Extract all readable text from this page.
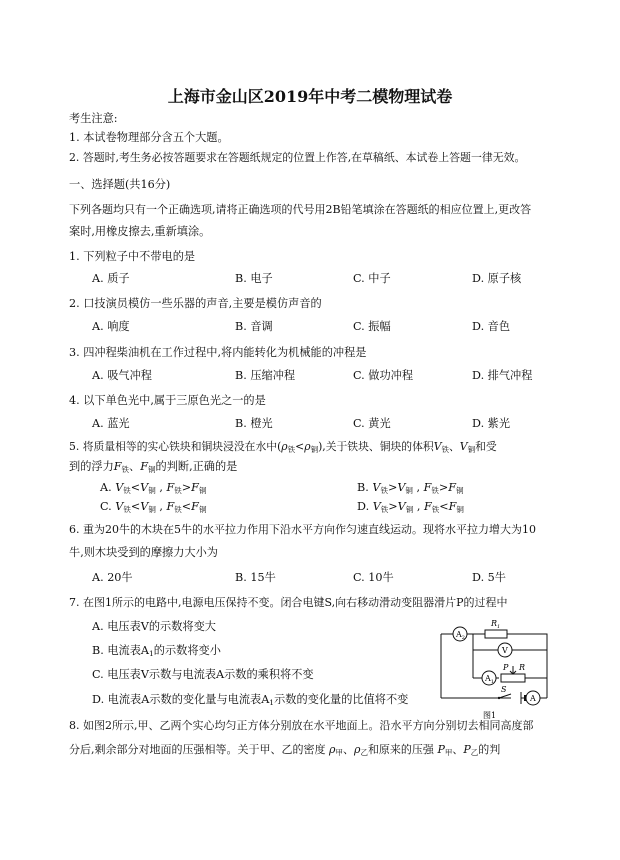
上海市金山区2019年中考二模物理试卷
考生注意:
1. 本试卷物理部分含五个大题。
2. 答题时,考生务必按答题要求在答题纸规定的位置上作答,在草稿纸、本试卷上答题一律无效。
一、选择题(共16分)
下列各题均只有一个正确选项,请将正确选项的代号用2B铅笔填涂在答题纸的相应位置上,更改答
案时,用橡皮擦去,重新填涂。
1. 下列粒子中不带电的是
A. 质子	B. 电子	C. 中子	D. 原子核
2. 口技演员模仿一些乐器的声音,主要是模仿声音的
A. 响度	B. 音调	C. 振幅	D. 音色
3. 四冲程柴油机在工作过程中,将内能转化为机械能的冲程是
A. 吸气冲程	B. 压缩冲程	C. 做功冲程	D. 排气冲程
4. 以下单色光中,属于三原色光之一的是
A. 蓝光	B. 橙光	C. 黄光	D. 紫光
5. 将质量相等的实心铁块和铜块浸没在水中$(\rho_铁<\rho_铜)$,关于铁块、铜块的体积$V_铁$、$V_铜$和受
到的浮力$F_铁$、$F_铜$的判断,正确的是
A. $V_铁<V_铜$ , $F_铁>F_铜$	B. $V_铁>V_铜$ , $F_铁>F_铜$
C. $V_铁<V_铜$ , $F_铁<F_铜$	D. $V_铁>V_铜$ , $F_铁<F_铜$
6. 重为20牛的木块在5牛的水平拉力作用下沿水平方向作匀速直线运动。现将水平拉力增大为10
牛,则木块受到的摩擦力大小为
A. 20牛	B. 15牛	C. 10牛	D. 5牛
7. 在图1所示的电路中,电源电压保持不变。闭合电键S,向右移动滑动变阻器滑片P的过程中
A. 电压表V的示数将变大
B. 电流表$A_1$的示数将变小
C. 电压表V示数与电流表A示数的乘积将不变
D. 电流表A示数的变化量与电流表$A_1$示数的变化量的比值将不变
$A_2$
$R_1$
V
$A_1$
P R
S
A
图1
8. 如图2所示,甲、乙两个实心均匀正方体分别放在水平地面上。沿水平方向分别切去相同高度部
分后,剩余部分对地面的压强相等。关于甲、乙的密度 $\rho_甲$、$\rho_乙$和原来的压强 $P_甲$、$P_乙$的判
